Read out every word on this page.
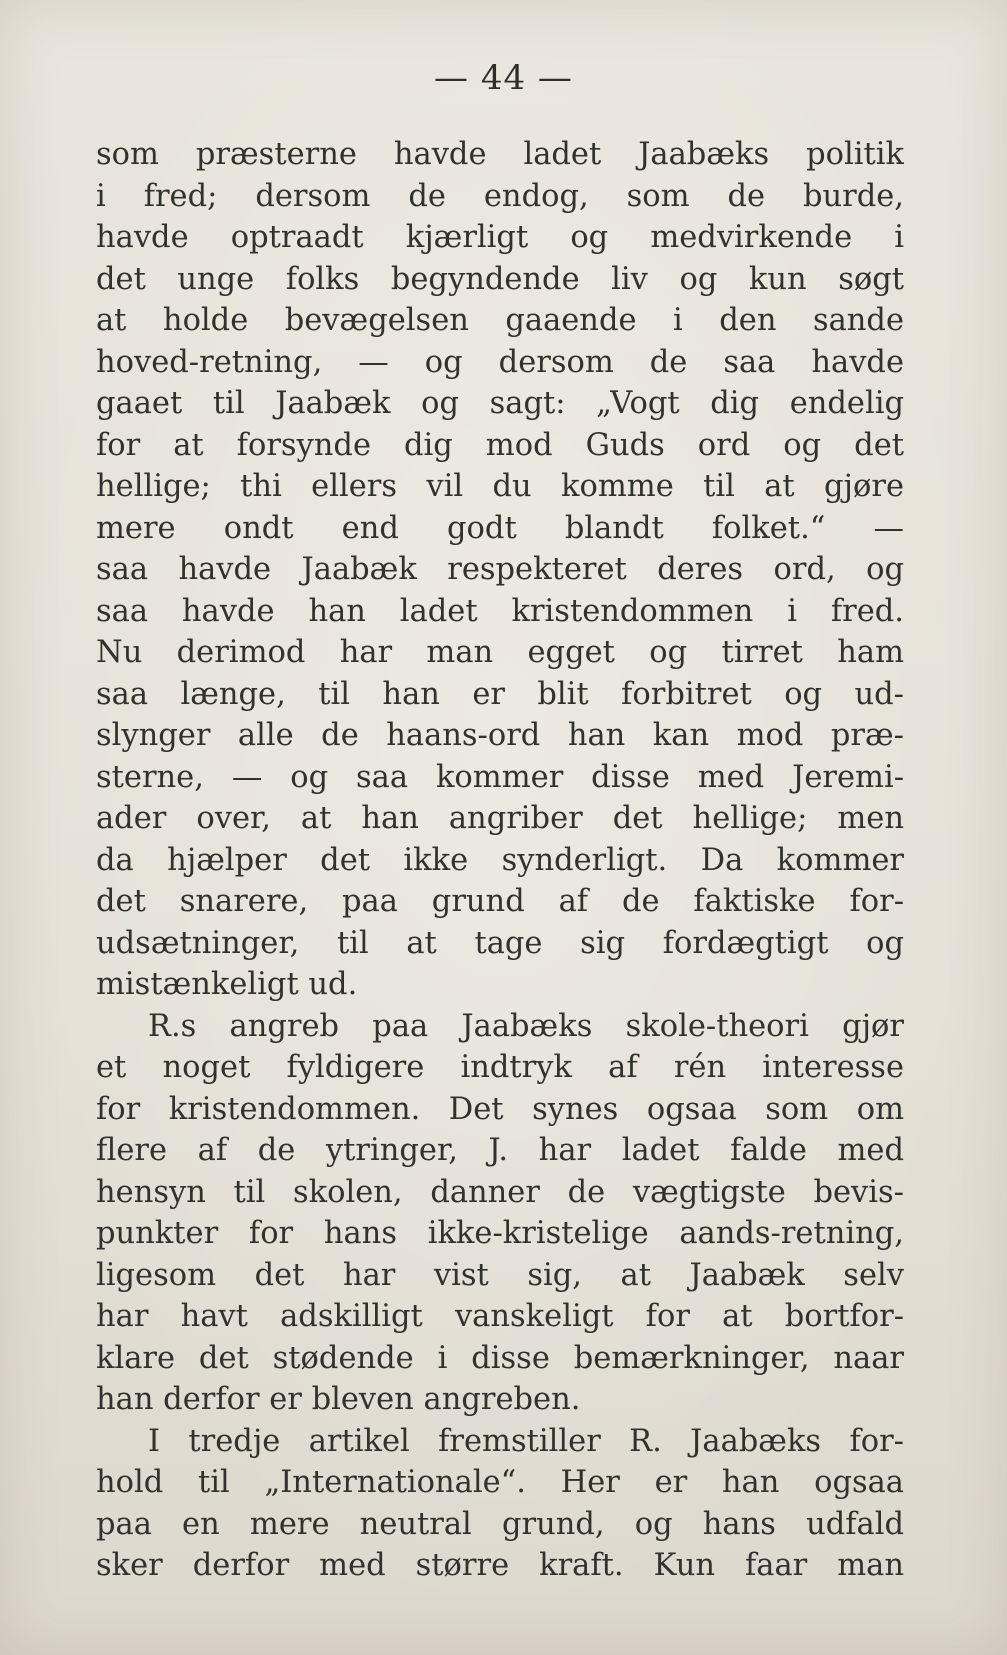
— 44 —
som præsterne havde ladet Jaabæks politik
i fred; dersom de endog, som de burde,
havde optraadt kjærligt og medvirkende i
det unge folks begyndende liv og kun søgt
at holde bevægelsen gaaende i den sande
hoved-retning, — og dersom de saa havde
gaaet til Jaabæk og sagt: „Vogt dig endelig
for at forsynde dig mod Guds ord og det
hellige; thi ellers vil du komme til at gjøre
mere ondt end godt blandt folket.“ —
saa havde Jaabæk respekteret deres ord, og
saa havde han ladet kristendommen i fred.
Nu derimod har man egget og tirret ham
saa længe, til han er blit forbitret og ud-
slynger alle de haans-ord han kan mod præ-
sterne, — og saa kommer disse med Jeremi-
ader over, at han angriber det hellige; men
da hjælper det ikke synderligt. Da kommer
det snarere, paa grund af de faktiske for-
udsætninger, til at tage sig fordægtigt og
mistænkeligt ud.
R.s angreb paa Jaabæks skole-theori gjør
et noget fyldigere indtryk af rén interesse
for kristendommen. Det synes ogsaa som om
flere af de ytringer, J. har ladet falde med
hensyn til skolen, danner de vægtigste bevis-
punkter for hans ikke-kristelige aands-retning,
ligesom det har vist sig, at Jaabæk selv
har havt adskilligt vanskeligt for at bortfor-
klare det stødende i disse bemærkninger, naar
han derfor er bleven angreben.
I tredje artikel fremstiller R. Jaabæks for-
hold til „Internationale“. Her er han ogsaa
paa en mere neutral grund, og hans udfald
sker derfor med større kraft. Kun faar man
